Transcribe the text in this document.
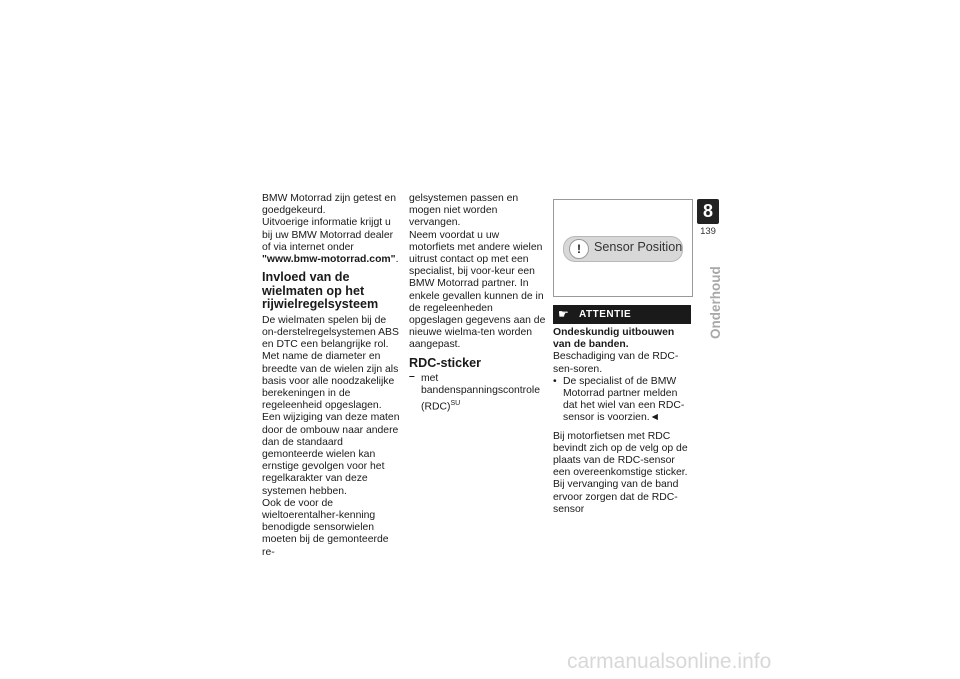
BMW Motorrad zijn getest en goedgekeurd.

Uitvoerige informatie krijgt u bij uw BMW Motorrad dealer of via internet onder "www.bmw-motorrad.com".

Invloed van de wielmaten op het rijwielregelsysteem

De wielmaten spelen bij de on-derstelregelsystemen ABS en DTC een belangrijke rol. Met name de diameter en breedte van de wielen zijn als basis voor alle noodzakelijke berekeningen in de regeleenheid opgeslagen. Een wijziging van deze maten door de ombouw naar andere dan de standaard gemonteerde wielen kan ernstige gevolgen voor het regelkarakter van deze systemen hebben.

Ook de voor de wieltoerentalher-kenning benodigde sensorwielen moeten bij de gemonteerde re-

gelsystemen passen en mogen niet worden vervangen.

Neem voordat u uw motorfiets met andere wielen uitrust contact op met een specialist, bij voor-keur een BMW Motorrad partner. In enkele gevallen kunnen de in de regeleenheden opgeslagen gegevens aan de nieuwe wielma-ten worden aangepast.

RDC-sticker

– met bandenspanningscontrole (RDC)$^{SU}$

!	Sensor Position
☛ ATTENTIE

Ondeskundig uitbouwen van de banden.

Beschadiging van de RDC-sen-soren.

• De specialist of de BMW Motorrad partner melden dat het wiel van een RDC-sensor is voorzien.◄

Bij motorfietsen met RDC bevindt zich op de velg op de plaats van de RDC-sensor een overeenkomstige sticker. Bij vervanging van de band ervoor zorgen dat de RDC-sensor

8
139
Onderhoud
carmanualsonline.info
